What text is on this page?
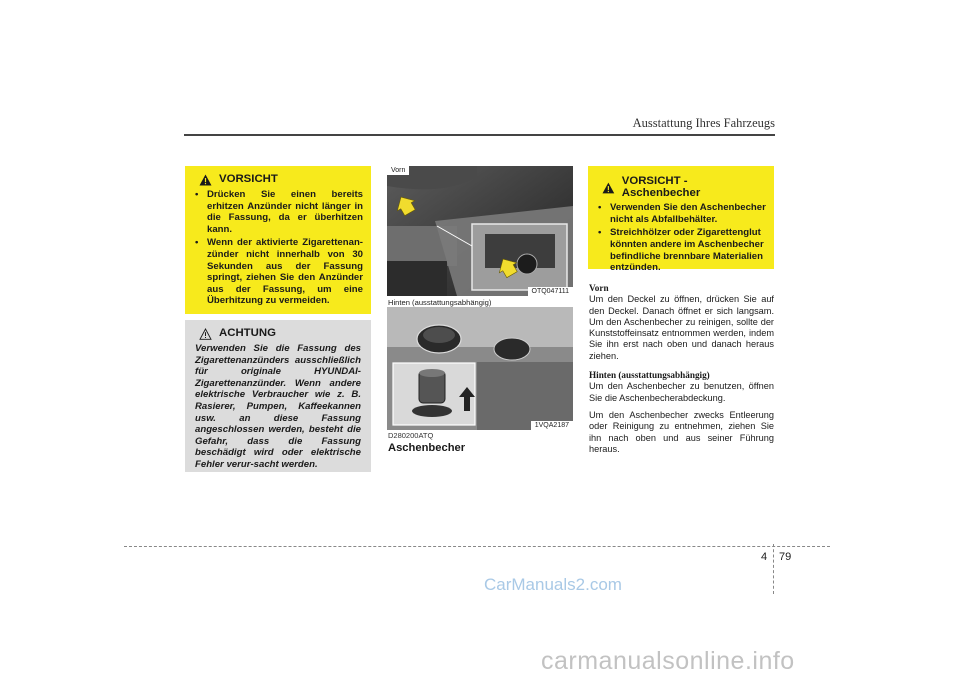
Ausstattung Ihres Fahrzeugs
VORSICHT
• Drücken Sie einen bereits erhitzen Anzünder nicht länger in die Fassung, da er überhitzen kann.
• Wenn der aktivierte Zigarettenan-zünder nicht innerhalb von 30 Sekunden aus der Fassung springt, ziehen Sie den Anzünder aus der Fassung, um eine Überhitzung zu vermeiden.
ACHTUNG
Verwenden Sie die Fassung des Zigarettenanzünders ausschließlich für originale HYUNDAI-Zigarettenanzünder. Wenn andere elektrische Verbraucher wie z. B. Rasierer, Pumpen, Kaffeekannen usw. an diese Fassung angeschlossen werden, besteht die Gefahr, dass die Fassung beschädigt wird oder elektrische Fehler verur-sacht werden.
Vorn
OTQ047111
Hinten (ausstattungsabhängig)
1VQA2187
D280200ATQ
Aschenbecher
VORSICHT - Aschenbecher
• Verwenden Sie den Aschenbecher nicht als Abfallbehälter.
• Streichhölzer oder Zigarettenglut könnten andere im Aschenbecher befindliche brennbare Materialien entzünden.
Vorn

Um den Deckel zu öffnen, drücken Sie auf den Deckel. Danach öffnet er sich langsam. Um den Aschenbecher zu reinigen, sollte der Kunststoffeinsatz entnommen werden, indem Sie ihn erst nach oben und danach heraus ziehen.

Hinten (ausstattungsabhängig)

Um den Aschenbecher zu benutzen, öffnen Sie die Aschenbecherabdeckung.

Um den Aschenbecher zwecks Entleerung oder Reinigung zu entnehmen, ziehen Sie ihn nach oben und aus seiner Führung heraus.

4 79
CarManuals2.com
carmanualsonline.info
